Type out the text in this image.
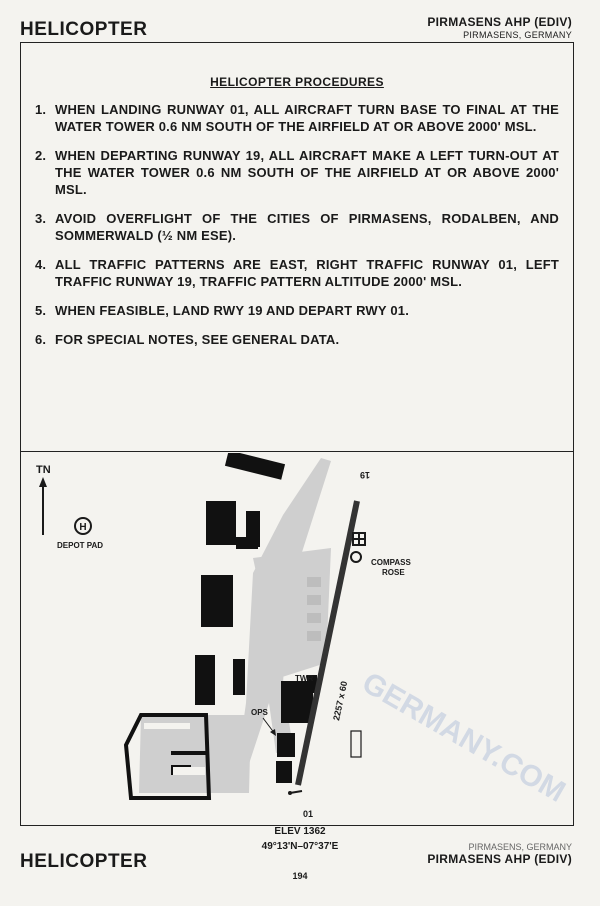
HELICOPTER	PIRMASENS AHP (EDIV)
PIRMASENS, GERMANY
HELICOPTER PROCEDURES
1. WHEN LANDING RUNWAY 01, ALL AIRCRAFT TURN BASE TO FINAL AT THE WATER TOWER 0.6 NM SOUTH OF THE AIRFIELD AT OR ABOVE 2000' MSL.
2. WHEN DEPARTING RUNWAY 19, ALL AIRCRAFT MAKE A LEFT TURN-OUT AT THE WATER TOWER 0.6 NM SOUTH OF THE AIRFIELD AT OR ABOVE 2000' MSL.
3. AVOID OVERFLIGHT OF THE CITIES OF PIRMASENS, RODALBEN, AND SOMMERWALD (½ NM ESE).
4. ALL TRAFFIC PATTERNS ARE EAST, RIGHT TRAFFIC RUNWAY 01, LEFT TRAFFIC RUNWAY 19, TRAFFIC PATTERN ALTITUDE 2000' MSL.
5. WHEN FEASIBLE, LAND RWY 19 AND DEPART RWY 01.
6. FOR SPECIAL NOTES, SEE GENERAL DATA.
GERMANY.COM
TN
H
DEPOT PAD
2257 x 60
19
01
COMPASS
ROSE
TWR
OPS
ELEV 1362
49°13'N–07°37'E
HELICOPTER
PIRMASENS, GERMANY
PIRMASENS AHP (EDIV)
194
